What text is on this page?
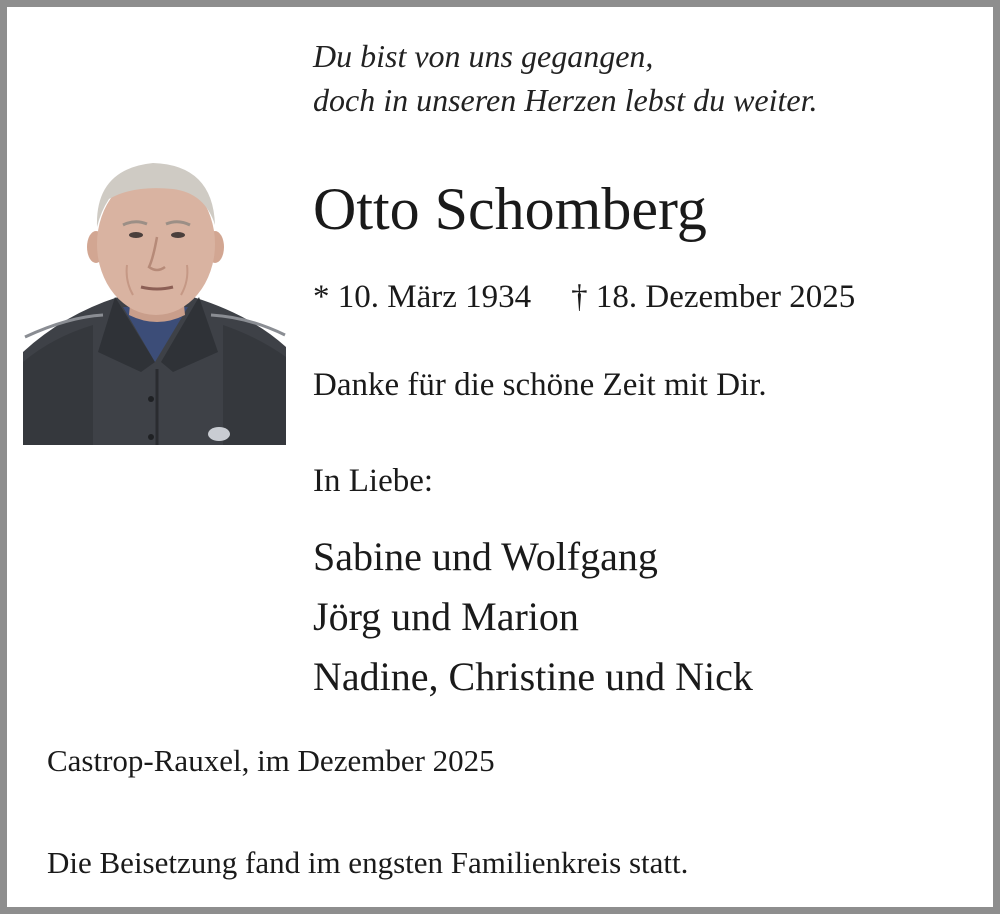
Du bist von uns gegangen,
doch in unseren Herzen lebst du weiter.
Otto Schomberg
* 10. März 1934 † 18. Dezember 2025
Danke für die schöne Zeit mit Dir.
In Liebe:
Sabine und Wolfgang
Jörg und Marion
Nadine, Christine und Nick
Castrop-Rauxel, im Dezember 2025
Die Beisetzung fand im engsten Familienkreis statt.
